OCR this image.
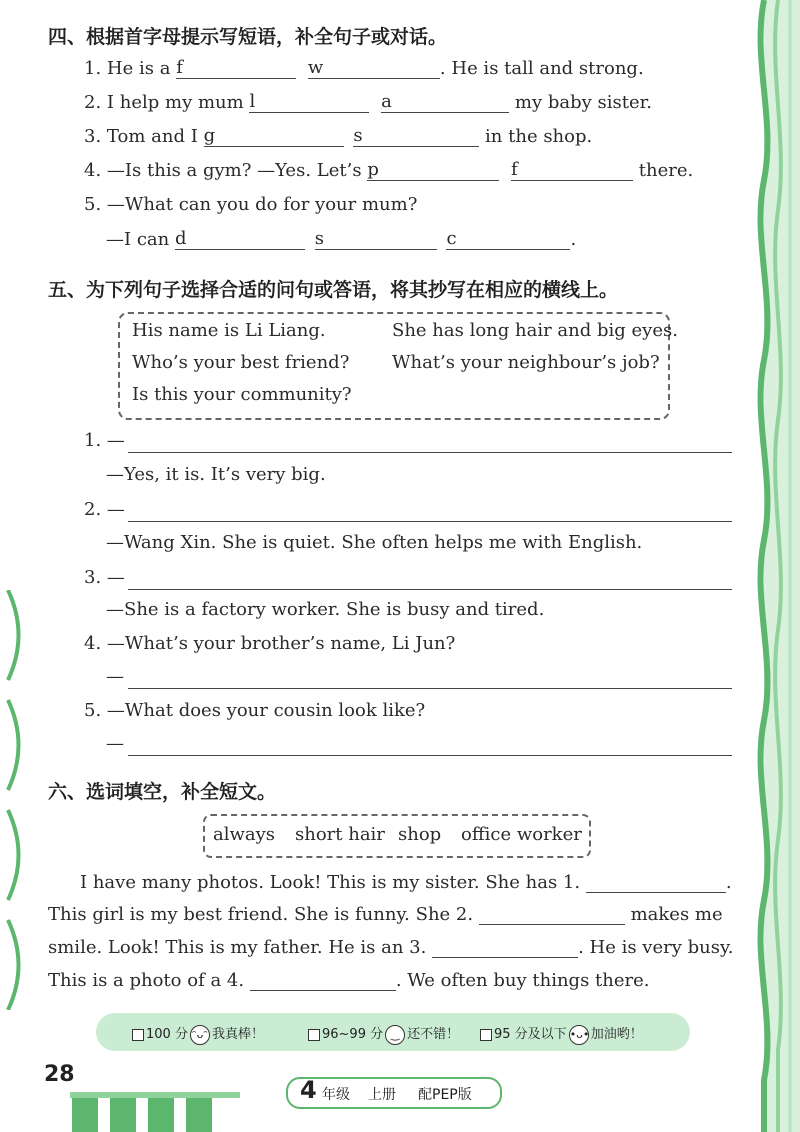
四、根据首字母提示写短语，补全句子或对话。
1. He is a f
	w	. He is tall and strong.
2. I help my mum l
	a	my baby sister.
3. Tom and I g
	s	in the shop.
4. —Is this a gym? —Yes. Let’s p
	f	there.
5. —What can you do for your mum?
—I can d
	s
	c	.
五、为下列句子选择合适的问句或答语，将其抄写在相应的横线上。
His name is Li Liang.	She has long hair and big eyes.
Who’s your best friend? What’s your neighbour’s job?
Is this your community?
1. —
—Yes, it is. It’s very big.
2. —
—Wang Xin. She is quiet. She often helps me with English.
3. —
—She is a factory worker. She is busy and tired.
4. —What’s your brother’s name, Li Jun?
—
5. —What does your cousin look like?
—
六、选词填空，补全短文。
always short hair shop office worker
I have many photos. Look! This is my sister. She has 1.	.
This girl is my best friend. She is funny. She 2.	makes me
smile. Look! This is my father. He is an 3.	. He is very busy.
This is a photo of a 4.	. We often buy things there.
100 分 ᵔᴗᵔ 我真棒！	96~99 分 ‿ 还不错！	95 分及以下 •ᴗ•加油哟！
28
4 年级 上册 配PEP版
